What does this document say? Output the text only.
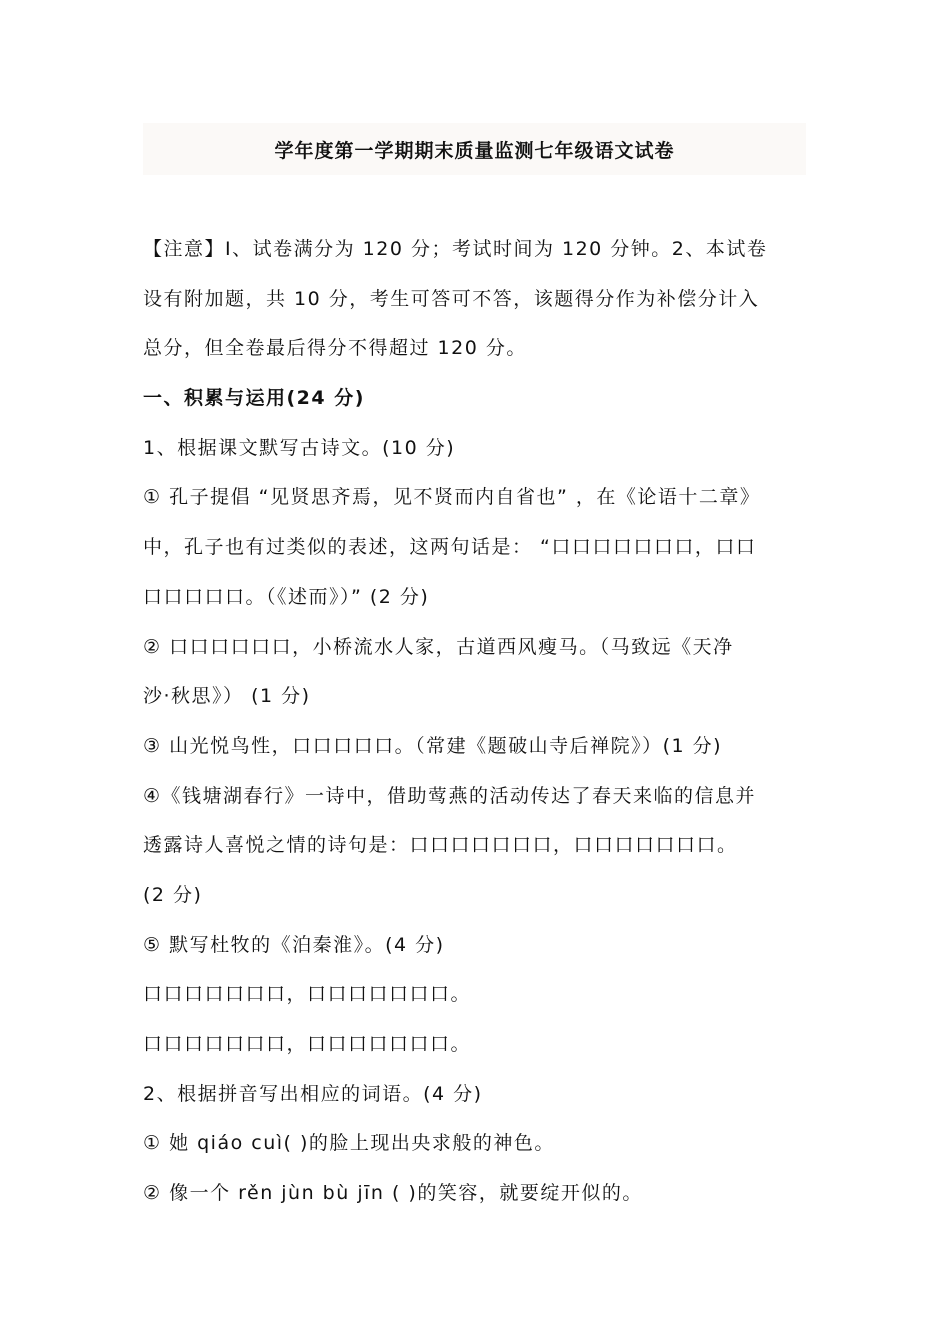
学年度第一学期期末质量监测七年级语文试卷
【注意】I、试卷满分为 120 分；考试时间为 120 分钟。2、本试卷
设有附加题，共 10 分，考生可答可不答，该题得分作为补偿分计入
总分，但全卷最后得分不得超过 120 分。
一、积累与运用(24 分)
1、根据课文默写古诗文。(10 分)
① 孔子提倡 “见贤思齐焉，见不贤而内自省也” ，在《论语十二章》
中，孔子也有过类似的表述，这两句话是： “口口口口口口口，口口
口口口口口。（《述而》）” (2 分)
② 口口口口口口，小桥流水人家，古道西风瘦马。（马致远《天净
沙·秋思》） (1 分)
③ 山光悦鸟性，口口口口口。（常建《题破山寺后禅院》）(1 分)
④《钱塘湖春行》一诗中，借助莺燕的活动传达了春天来临的信息并
透露诗人喜悦之情的诗句是：口口口口口口口，口口口口口口口。
(2 分)
⑤ 默写杜牧的《泊秦淮》。(4 分)
口口口口口口口，口口口口口口口。
口口口口口口口，口口口口口口口。
2、根据拼音写出相应的词语。(4 分)
① 她 qiáo cuì( )的脸上现出央求般的神色。
② 像一个 rěn jùn bù jīn ( )的笑容，就要绽开似的。
